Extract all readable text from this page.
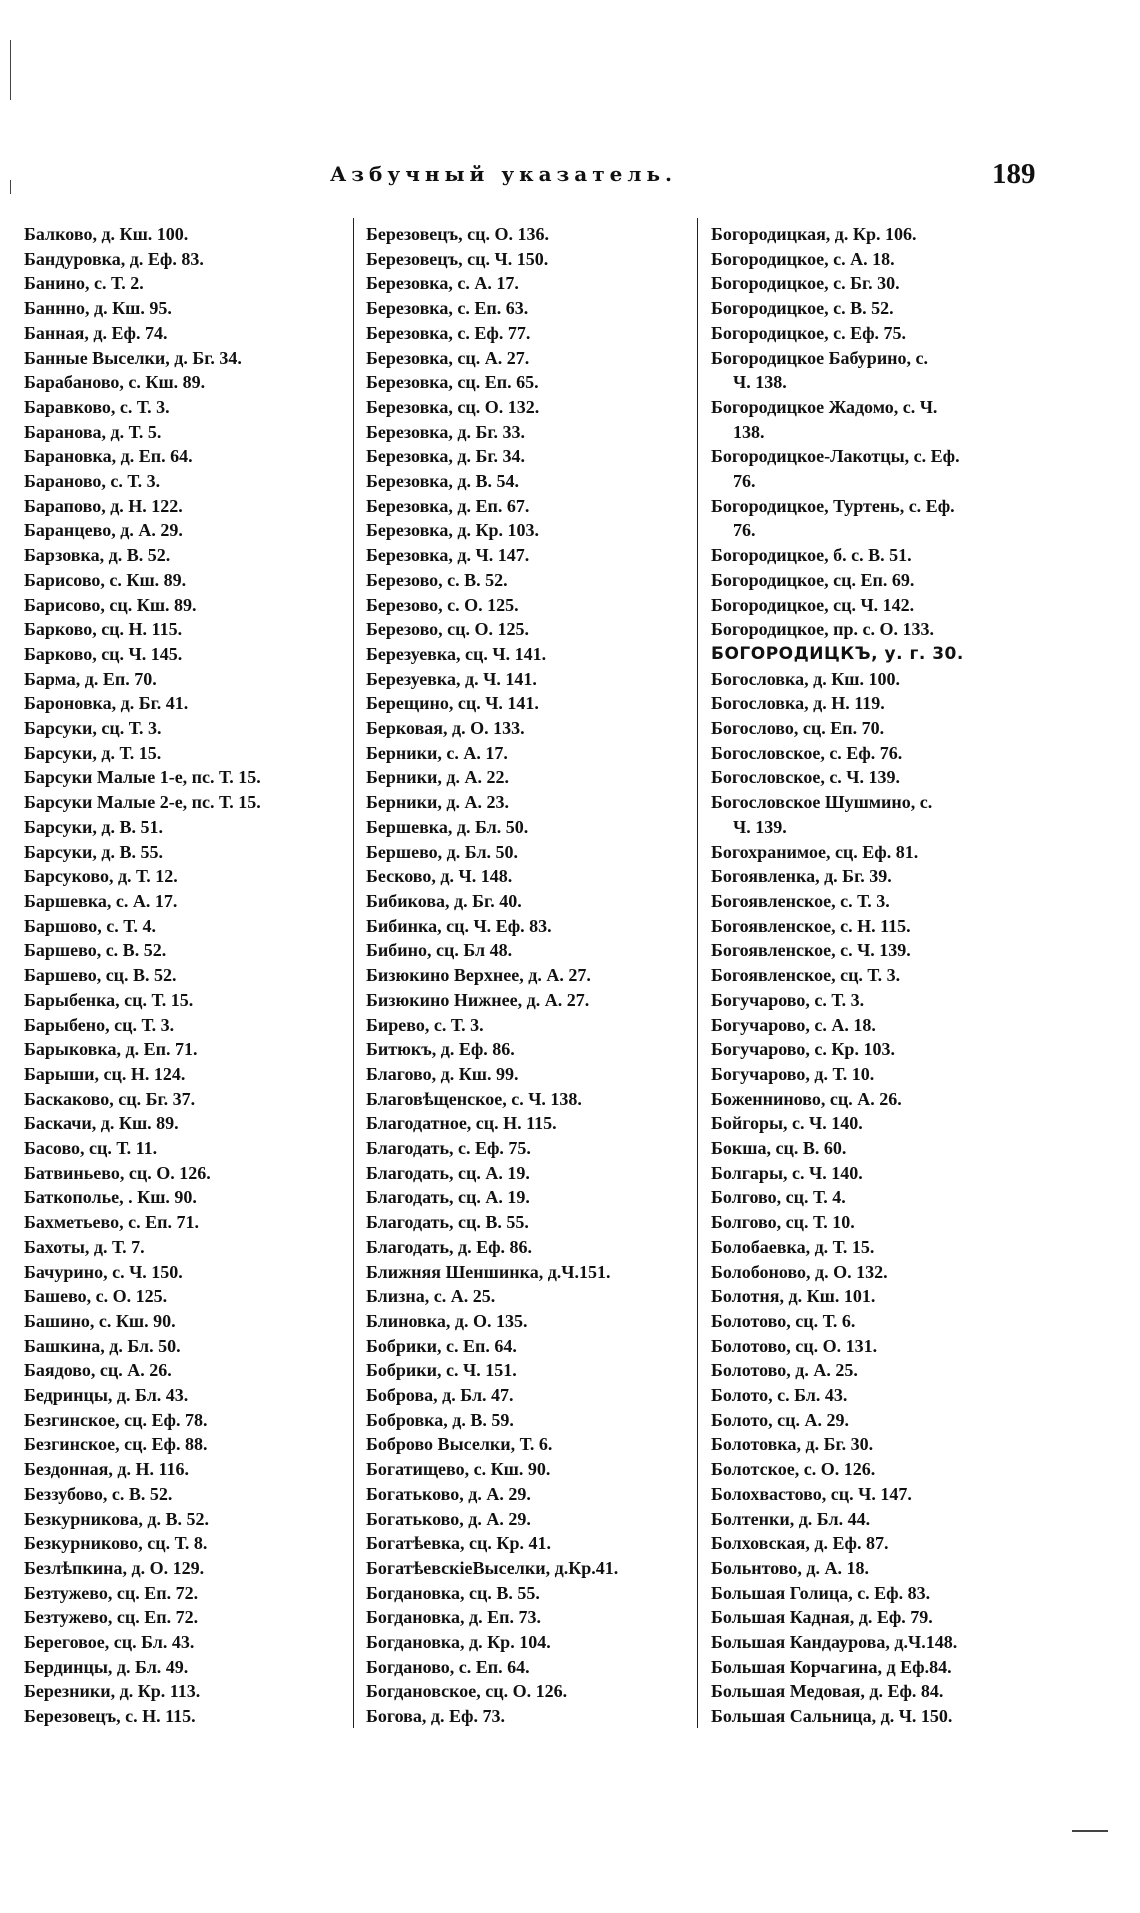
Азбучный указатель.	189
Балково, д. Кш. 100.
Бандуровка, д. Еф. 83.
Банино, с. Т. 2.
Баннно, д. Кш. 95.
Банная, д. Еф. 74.
Банные Выселки, д. Бг. 34.
Барабаново, с. Кш. 89.
Баравково, с. Т. 3.
Баранова, д. Т. 5.
Барановка, д. Еп. 64.
Бараново, с. Т. 3.
Барапово, д. Н. 122.
Баранцево, д. А. 29.
Барзовка, д. В. 52.
Барисово, с. Кш. 89.
Барисово, сц. Кш. 89.
Барково, сц. Н. 115.
Барково, сц. Ч. 145.
Барма, д. Еп. 70.
Бароновка, д. Бг. 41.
Барсуки, сц. Т. 3.
Барсуки, д. Т. 15.
Барсуки Малые 1-е, пс. Т. 15.
Барсуки Малые 2-е, пс. Т. 15.
Барсуки, д. В. 51.
Барсуки, д. В. 55.
Барсуково, д. Т. 12.
Баршевка, с. А. 17.
Баршово, с. Т. 4.
Баршево, с. В. 52.
Баршево, сц. В. 52.
Барыбенка, сц. Т. 15.
Барыбено, сц. Т. 3.
Барыковка, д. Еп. 71.
Барыши, сц. Н. 124.
Баскаково, сц. Бг. 37.
Баскачи, д. Кш. 89.
Басово, сц. Т. 11.
Батвиньево, сц. О. 126.
Баткополье, . Кш. 90.
Бахметьево, с. Еп. 71.
Бахоты, д. Т. 7.
Бачурино, с. Ч. 150.
Башево, с. О. 125.
Башино, с. Кш. 90.
Башкина, д. Бл. 50.
Баядово, сц. А. 26.
Бедринцы, д. Бл. 43.
Безгинское, сц. Еф. 78.
Безгинское, сц. Еф. 88.
Бездонная, д. Н. 116.
Беззубово, с. В. 52.
Безкурникова, д. В. 52.
Безкурниково, сц. Т. 8.
Безлѣпкина, д. О. 129.
Безтужево, сц. Еп. 72.
Безтужево, сц. Еп. 72.
Береговое, сц. Бл. 43.
Бердинцы, д. Бл. 49.
Березники, д. Кр. 113.
Березовецъ, с. Н. 115.
Березовецъ, сц. О. 136.
Березовецъ, сц. Ч. 150.
Березовка, с. А. 17.
Березовка, с. Еп. 63.
Березовка, с. Еф. 77.
Березовка, сц. А. 27.
Березовка, сц. Еп. 65.
Березовка, сц. О. 132.
Березовка, д. Бг. 33.
Березовка, д. Бг. 34.
Березовка, д. В. 54.
Березовка, д. Еп. 67.
Березовка, д. Кр. 103.
Березовка, д. Ч. 147.
Березово, с. В. 52.
Березово, с. О. 125.
Березово, сц. О. 125.
Березуевка, сц. Ч. 141.
Березуевка, д. Ч. 141.
Берещино, сц. Ч. 141.
Берковая, д. О. 133.
Берники, с. А. 17.
Берники, д. А. 22.
Берники, д. А. 23.
Бершевка, д. Бл. 50.
Бершево, д. Бл. 50.
Бесково, д. Ч. 148.
Бибикова, д. Бг. 40.
Бибинка, сц. Ч. Еф. 83.
Бибино, сц. Бл 48.
Бизюкино Верхнее, д. А. 27.
Бизюкино Нижнее, д. А. 27.
Бирево, с. Т. 3.
Битюкъ, д. Еф. 86.
Благово, д. Кш. 99.
Благовѣщенское, с. Ч. 138.
Благодатное, сц. Н. 115.
Благодать, с. Еф. 75.
Благодать, сц. А. 19.
Благодать, сц. А. 19.
Благодать, сц. В. 55.
Благодать, д. Еф. 86.
Ближняя Шеншинка, д.Ч.151.
Близна, с. А. 25.
Блиновка, д. О. 135.
Бобрики, с. Еп. 64.
Бобрики, с. Ч. 151.
Боброва, д. Бл. 47.
Бобровка, д. В. 59.
Боброво Выселки, Т. 6.
Богатищево, с. Кш. 90.
Богатьково, д. А. 29.
Богатьково, д. А. 29.
Богатѣевка, сц. Кр. 41.
БогатѣевскіеВыселки, д.Кр.41.
Богдановка, сц. В. 55.
Богдановка, д. Еп. 73.
Богдановка, д. Кр. 104.
Богданово, с. Еп. 64.
Богдановское, сц. О. 126.
Богова, д. Еф. 73.
Богородицкая, д. Кр. 106.
Богородицкое, с. А. 18.
Богородицкое, с. Бг. 30.
Богородицкое, с. В. 52.
Богородицкое, с. Еф. 75.
Богородицкое Бабурино, с.
Ч. 138.
Богородицкое Жадомо, с. Ч.
138.
Богородицкое-Лакотцы, с. Еф.
76.
Богородицкое, Туртень, с. Еф.
76.
Богородицкое, б. с. В. 51.
Богородицкое, сц. Еп. 69.
Богородицкое, сц. Ч. 142.
Богородицкое, пр. с. О. 133.
БОГОРОДИЦКЪ, у. г. 30.
Богословка, д. Кш. 100.
Богословка, д. Н. 119.
Богослово, сц. Еп. 70.
Богословское, с. Еф. 76.
Богословское, с. Ч. 139.
Богословское Шушмино, с.
Ч. 139.
Богохранимое, сц. Еф. 81.
Богоявленка, д. Бг. 39.
Богоявленское, с. Т. 3.
Богоявленское, с. Н. 115.
Богоявленское, с. Ч. 139.
Богоявленское, сц. Т. 3.
Богучарово, с. Т. 3.
Богучарово, с. А. 18.
Богучарово, с. Кр. 103.
Богучарово, д. Т. 10.
Боженниново, сц. А. 26.
Бойгоры, с. Ч. 140.
Бокша, сц. В. 60.
Болгары, с. Ч. 140.
Болгово, сц. Т. 4.
Болгово, сц. Т. 10.
Болобаевка, д. Т. 15.
Болобоново, д. О. 132.
Болотня, д. Кш. 101.
Болотово, сц. Т. 6.
Болотово, сц. О. 131.
Болотово, д. А. 25.
Болото, с. Бл. 43.
Болото, сц. А. 29.
Болотовка, д. Бг. 30.
Болотское, с. О. 126.
Болохвастово, сц. Ч. 147.
Болтенки, д. Бл. 44.
Болховская, д. Еф. 87.
Больнтово, д. А. 18.
Большая Голица, с. Еф. 83.
Большая Кадная, д. Еф. 79.
Большая Кандаурова, д.Ч.148.
Большая Корчагина, д Еф.84.
Большая Медовая, д. Еф. 84.
Большая Сальница, д. Ч. 150.
